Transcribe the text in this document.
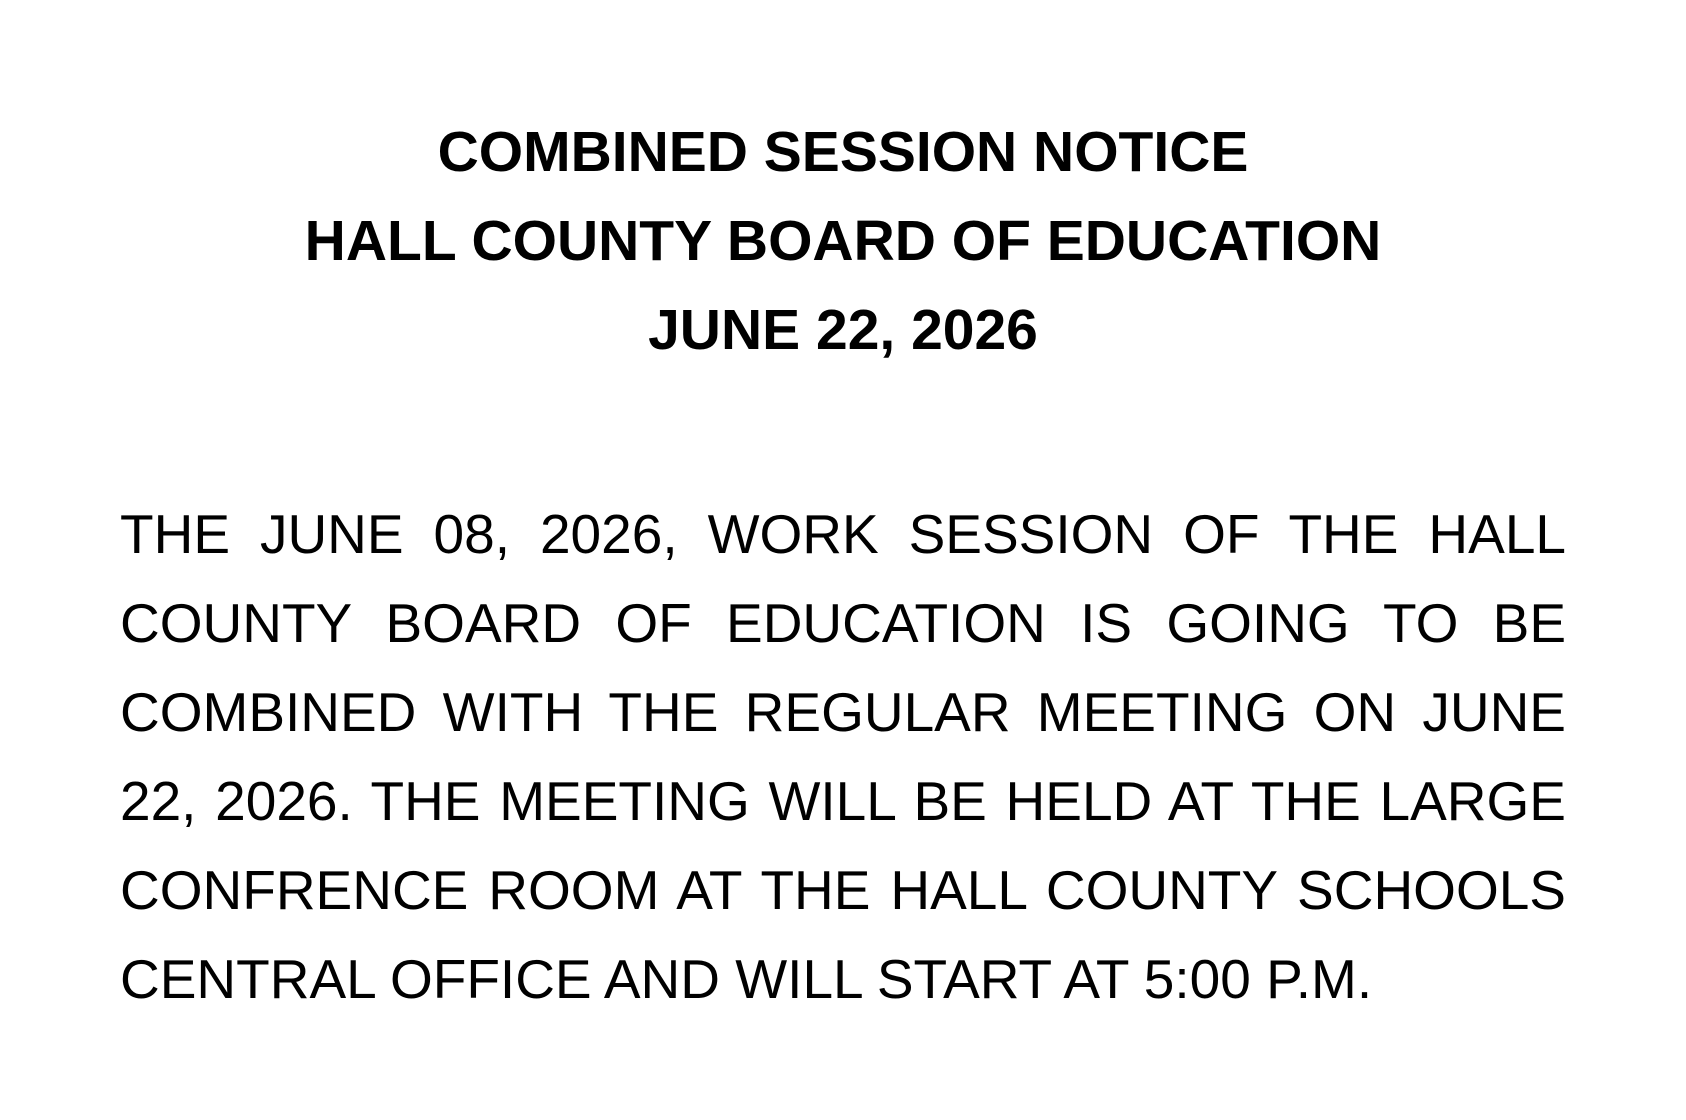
COMBINED SESSION NOTICE
HALL COUNTY BOARD OF EDUCATION
JUNE 22, 2026
THE JUNE 08, 2026, WORK SESSION OF THE HALL
COUNTY BOARD OF EDUCATION IS GOING TO BE
COMBINED WITH THE REGULAR MEETING ON JUNE
22, 2026. THE MEETING WILL BE HELD AT THE LARGE
CONFRENCE ROOM AT THE HALL COUNTY SCHOOLS
CENTRAL OFFICE AND WILL START AT 5:00 P.M.
